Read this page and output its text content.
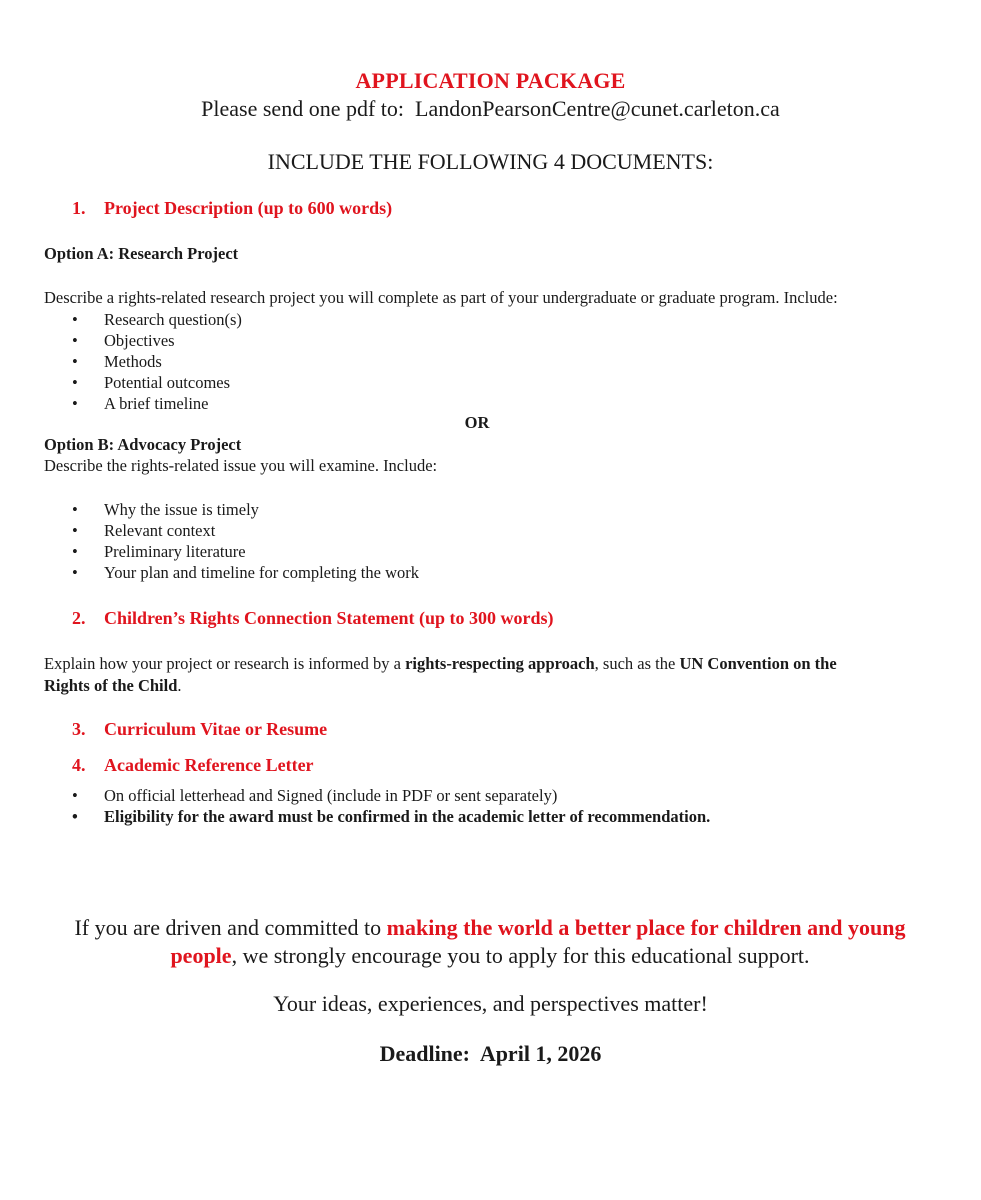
APPLICATION PACKAGE
Please send one pdf to: LandonPearsonCentre@cunet.carleton.ca
INCLUDE THE FOLLOWING 4 DOCUMENTS:
1. Project Description (up to 600 words)
Option A: Research Project
Describe a rights-related research project you will complete as part of your undergraduate or graduate program. Include:
• Research question(s)
• Objectives
• Methods
• Potential outcomes
• A brief timeline
OR
Option B: Advocacy Project
Describe the rights-related issue you will examine. Include:
• Why the issue is timely
• Relevant context
• Preliminary literature
• Your plan and timeline for completing the work
2. Children’s Rights Connection Statement (up to 300 words)
Explain how your project or research is informed by a rights-respecting approach, such as the UN Convention on the
Rights of the Child.
3. Curriculum Vitae or Resume
4. Academic Reference Letter
• On official letterhead and Signed (include in PDF or sent separately)
• Eligibility for the award must be confirmed in the academic letter of recommendation.
If you are driven and committed to making the world a better place for children and young
people, we strongly encourage you to apply for this educational support.
Your ideas, experiences, and perspectives matter!
Deadline: April 1, 2026
